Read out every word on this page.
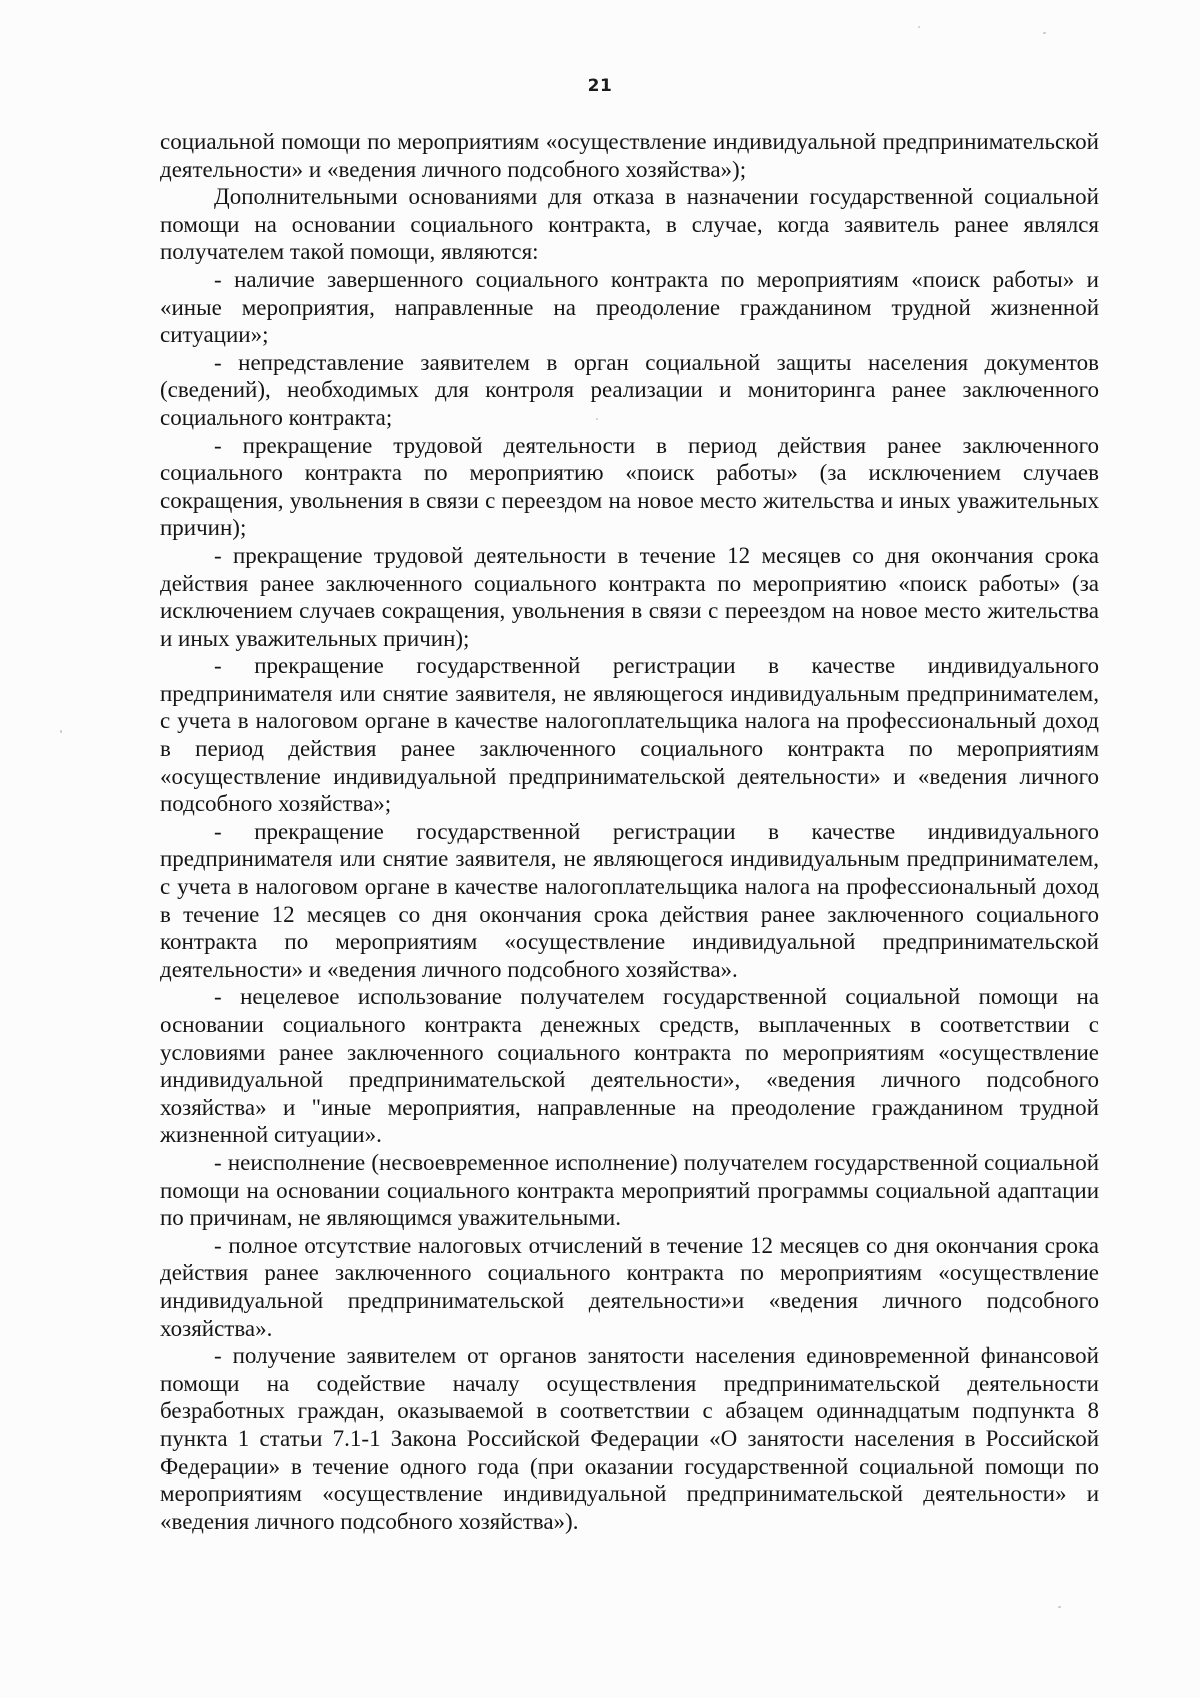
21

социальной помощи по мероприятиям «осуществление индивидуальной предпринимательской деятельности» и «ведения личного подсобного хозяйства»);

Дополнительными основаниями для отказа в назначении государственной социальной помощи на основании социального контракта, в случае, когда заявитель ранее являлся получателем такой помощи, являются:

- наличие завершенного социального контракта по мероприятиям «поиск работы» и «иные мероприятия, направленные на преодоление гражданином трудной жизненной ситуации»;

- непредставление заявителем в орган социальной защиты населения документов (сведений), необходимых для контроля реализации и мониторинга ранее заключенного социального контракта;

- прекращение трудовой деятельности в период действия ранее заключенного социального контракта по мероприятию «поиск работы» (за исключением случаев сокращения, увольнения в связи с переездом на новое место жительства и иных уважительных причин);

- прекращение трудовой деятельности в течение 12 месяцев со дня окончания срока действия ранее заключенного социального контракта по мероприятию «поиск работы» (за исключением случаев сокращения, увольнения в связи с переездом на новое место жительства и иных уважительных причин);

- прекращение государственной регистрации в качестве индивидуального предпринимателя или снятие заявителя, не являющегося индивидуальным предпринимателем, с учета в налоговом органе в качестве налогоплательщика налога на профессиональный доход в период действия ранее заключенного социального контракта по мероприятиям «осуществление индивидуальной предпринимательской деятельности» и «ведения личного подсобного хозяйства»;

- прекращение государственной регистрации в качестве индивидуального предпринимателя или снятие заявителя, не являющегося индивидуальным предпринимателем, с учета в налоговом органе в качестве налогоплательщика налога на профессиональный доход в течение 12 месяцев со дня окончания срока действия ранее заключенного социального контракта по мероприятиям «осуществление индивидуальной предпринимательской деятельности» и «ведения личного подсобного хозяйства».

- нецелевое использование получателем государственной социальной помощи на основании социального контракта денежных средств, выплаченных в соответствии с условиями ранее заключенного социального контракта по мероприятиям «осуществление индивидуальной предпринимательской деятельности», «ведения личного подсобного хозяйства» и "иные мероприятия, направленные на преодоление гражданином трудной жизненной ситуации».

- неисполнение (несвоевременное исполнение) получателем государственной социальной помощи на основании социального контракта мероприятий программы социальной адаптации по причинам, не являющимся уважительными.

- полное отсутствие налоговых отчислений в течение 12 месяцев со дня окончания срока действия ранее заключенного социального контракта по мероприятиям «осуществление индивидуальной предпринимательской деятельности»и «ведения личного подсобного хозяйства».

- получение заявителем от органов занятости населения единовременной финансовой помощи на содействие началу осуществления предпринимательской деятельности безработных граждан, оказываемой в соответствии с абзацем одиннадцатым подпункта 8 пункта 1 статьи 7.1-1 Закона Российской Федерации «О занятости населения в Российской Федерации» в течение одного года (при оказании государственной социальной помощи по мероприятиям «осуществление индивидуальной предпринимательской деятельности» и «ведения личного подсобного хозяйства»).
